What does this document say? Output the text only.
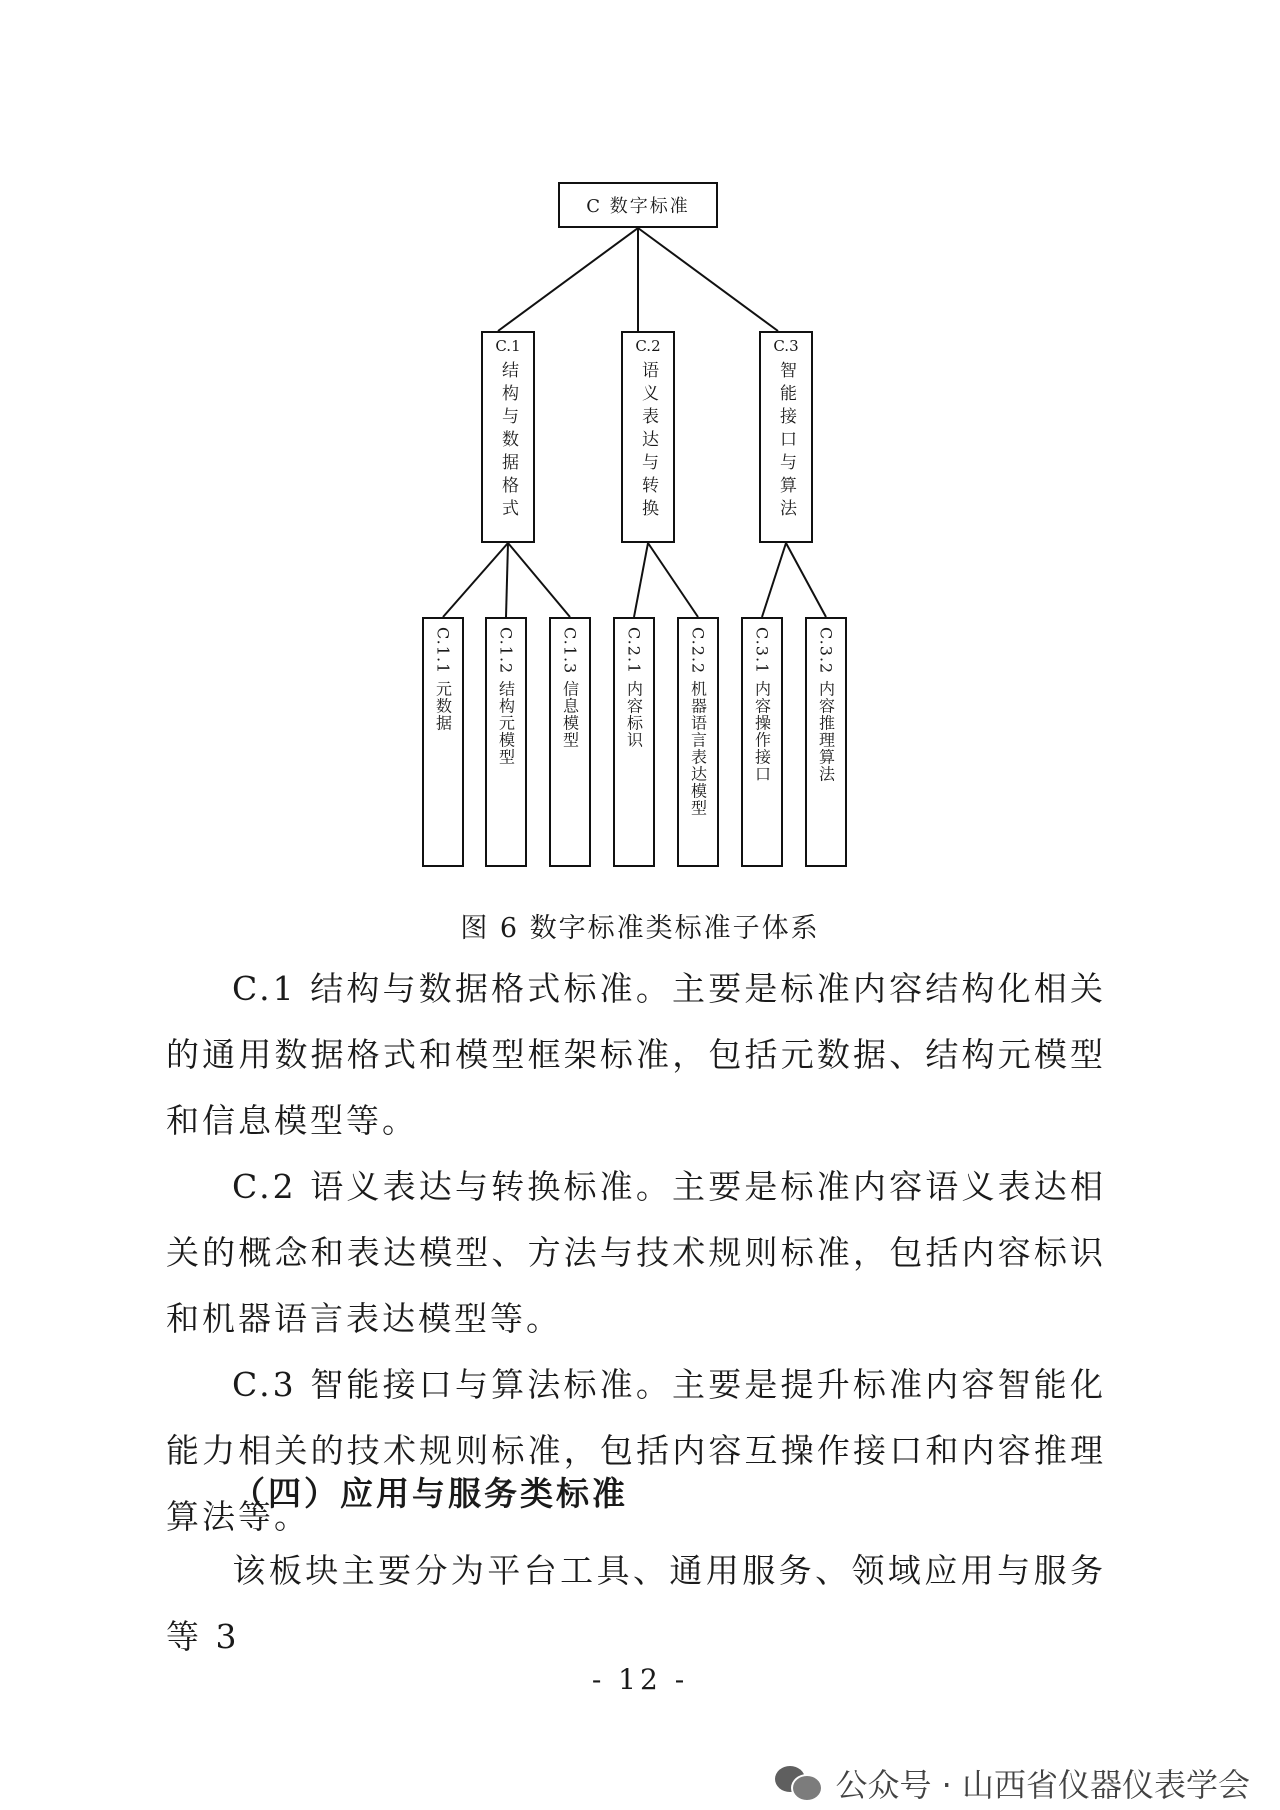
C 数字标准
C.1
结构与数据格式
C.2
语义表达与转换
C.3
智能接口与算法
C.1.1 元数据	C.1.2 结构元模型	C.1.3 信息模型	C.2.1 内容标识	C.2.2 机器语言表达模型	C.3.1 内容操作接口	C.3.2 内容推理算法
图 6 数字标准类标准子体系

C.1 结构与数据格式标准。主要是标准内容结构化相关的通用数据格式和模型框架标准，包括元数据、结构元模型和信息模型等。

C.2 语义表达与转换标准。主要是标准内容语义表达相关的概念和表达模型、方法与技术规则标准，包括内容标识和机器语言表达模型等。

C.3 智能接口与算法标准。主要是提升标准内容智能化能力相关的技术规则标准，包括内容互操作接口和内容推理算法等。

（四）应用与服务类标准

该板块主要分为平台工具、通用服务、领域应用与服务等 3

- 12 -
公众号 · 山西省仪器仪表学会
